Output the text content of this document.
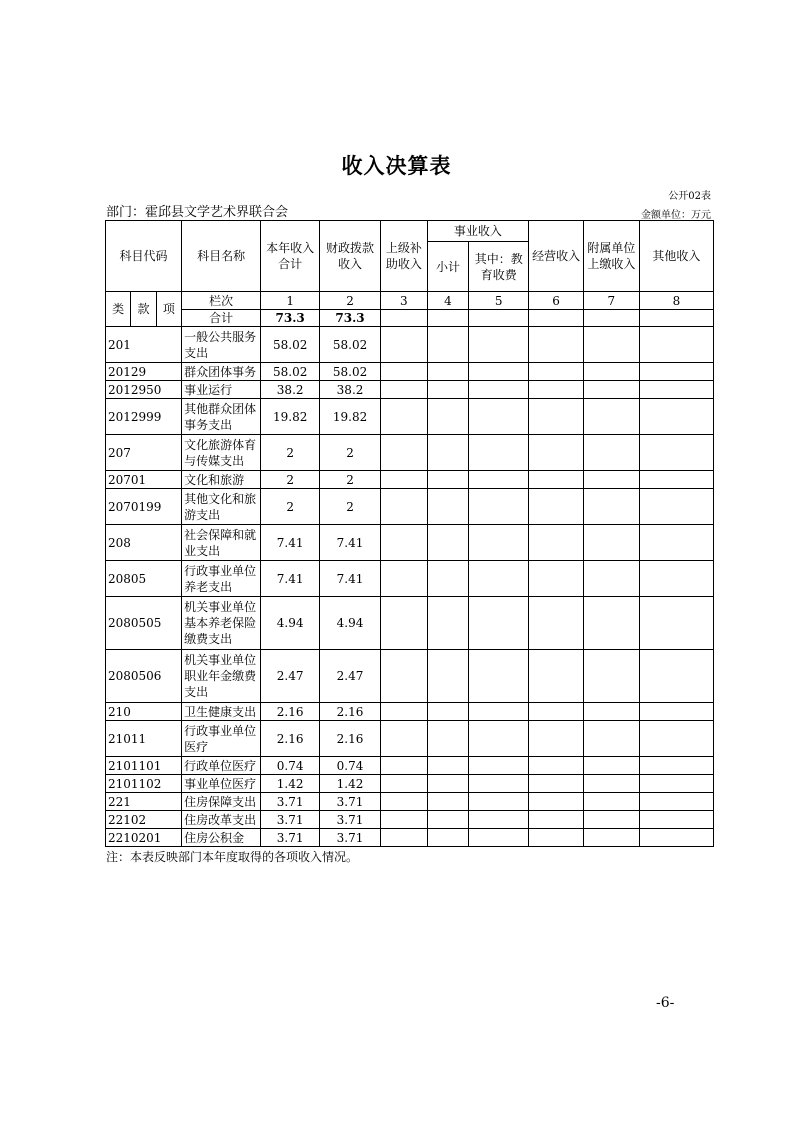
收入决算表
公开02表
部门：霍邱县文学艺术界联合会	金额单位：万元
科目代码			科目名称	本年收入合计	财政拨款收入	上级补助收入	事业收入		经营收入	附属单位上缴收入	其他收入
							小计	其中：教育收费			
类	款	项	栏次	1	2	3	4	5	6	7	8
			合计	73.3	73.3						
201			一般公共服务支出	58.02	58.02						
20129			群众团体事务	58.02	58.02						
2012950			事业运行	38.2	38.2						
2012999			其他群众团体事务支出	19.82	19.82						
207			文化旅游体育与传媒支出	2	2						
20701			文化和旅游	2	2						
2070199			其他文化和旅游支出	2	2						
208			社会保障和就业支出	7.41	7.41						
20805			行政事业单位养老支出	7.41	7.41						
2080505			机关事业单位基本养老保险缴费支出	4.94	4.94						
2080506			机关事业单位职业年金缴费支出	2.47	2.47						
210			卫生健康支出	2.16	2.16						
21011			行政事业单位医疗	2.16	2.16						
2101101			行政单位医疗	0.74	0.74						
2101102			事业单位医疗	1.42	1.42						
221			住房保障支出	3.71	3.71						
22102			住房改革支出	3.71	3.71						
2210201			住房公积金	3.71	3.71						
注：本表反映部门本年度取得的各项收入情况。
-6-
